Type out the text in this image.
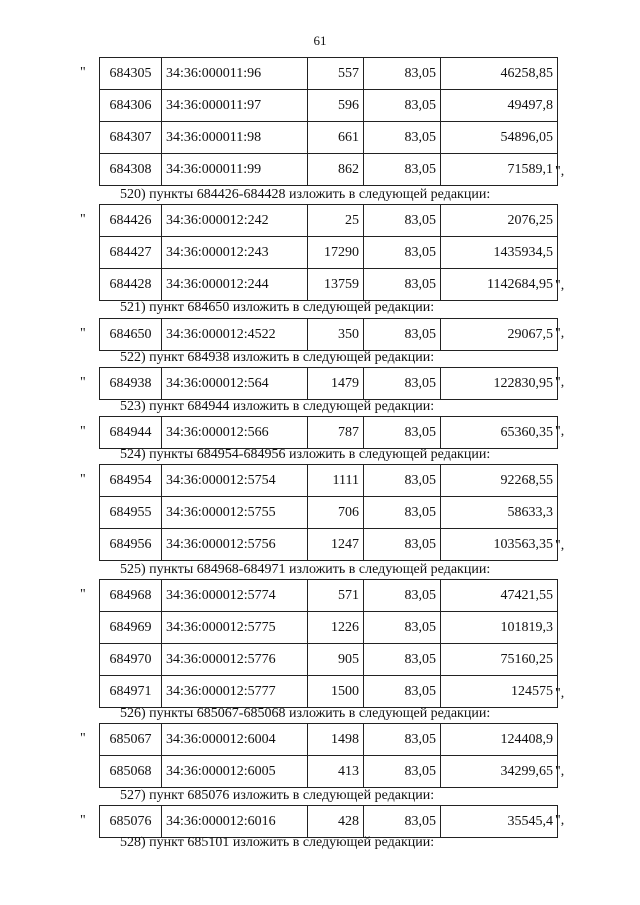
61
684305	34:36:000011:96	557	83,05	46258,85
684306	34:36:000011:97	596	83,05	49497,8
684307	34:36:000011:98	661	83,05	54896,05
684308	34:36:000011:99	862	83,05	71589,1
"
",
520) пункты 684426-684428 изложить в следующей редакции:
684426	34:36:000012:242	25	83,05	2076,25
684427	34:36:000012:243	17290	83,05	1435934,5
684428	34:36:000012:244	13759	83,05	1142684,95
"
",
521) пункт 684650 изложить в следующей редакции:
684650	34:36:000012:4522	350	83,05	29067,5
"	",
522) пункт 684938 изложить в следующей редакции:
684938	34:36:000012:564	1479	83,05	122830,95
"	",
523) пункт 684944 изложить в следующей редакции:
684944	34:36:000012:566	787	83,05	65360,35
"	",
524) пункты 684954-684956 изложить в следующей редакции:
684954	34:36:000012:5754	1111	83,05	92268,55
684955	34:36:000012:5755	706	83,05	58633,3
684956	34:36:000012:5756	1247	83,05	103563,35
"
",
525) пункты 684968-684971 изложить в следующей редакции:
684968	34:36:000012:5774	571	83,05	47421,55
684969	34:36:000012:5775	1226	83,05	101819,3
684970	34:36:000012:5776	905	83,05	75160,25
684971	34:36:000012:5777	1500	83,05	124575
"
",
526) пункты 685067-685068 изложить в следующей редакции:
685067	34:36:000012:6004	1498	83,05	124408,9
685068	34:36:000012:6005	413	83,05	34299,65
"
",
527) пункт 685076 изложить в следующей редакции:
685076	34:36:000012:6016	428	83,05	35545,4
"	",
528) пункт 685101 изложить в следующей редакции:
